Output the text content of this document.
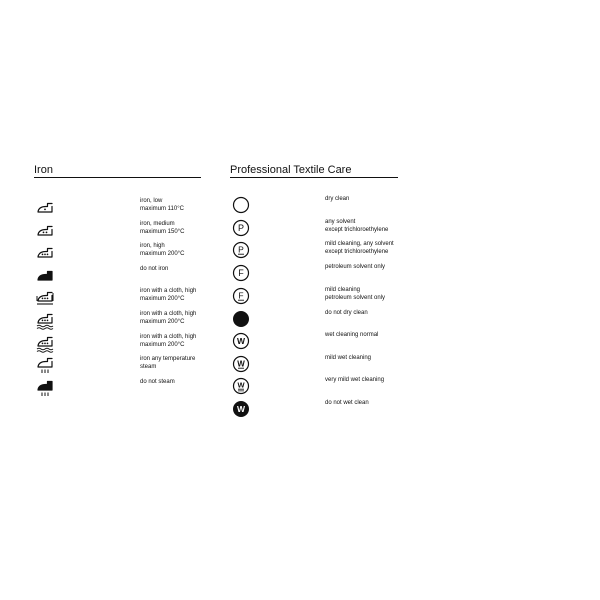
Iron
iron, low
maximum 110°C
iron, medium
maximum 150°C
iron, high
maximum 200°C
do not iron
iron with a cloth, high
maximum 200°C
iron with a cloth, high
maximum 200°C
iron with a cloth, high
maximum 200°C
iron any temperature
steam
do not steam
Professional Textile Care
dry clean
P
any solvent
except trichloroethylene
P
mild cleaning, any solvent
except trichloroethylene
F
petroleum solvent only
F
mild cleaning
petroleum solvent only
do not dry clean
W
wet cleaning normal
W
mild wet cleaning
W
very mild wet cleaning
W
do not wet clean
